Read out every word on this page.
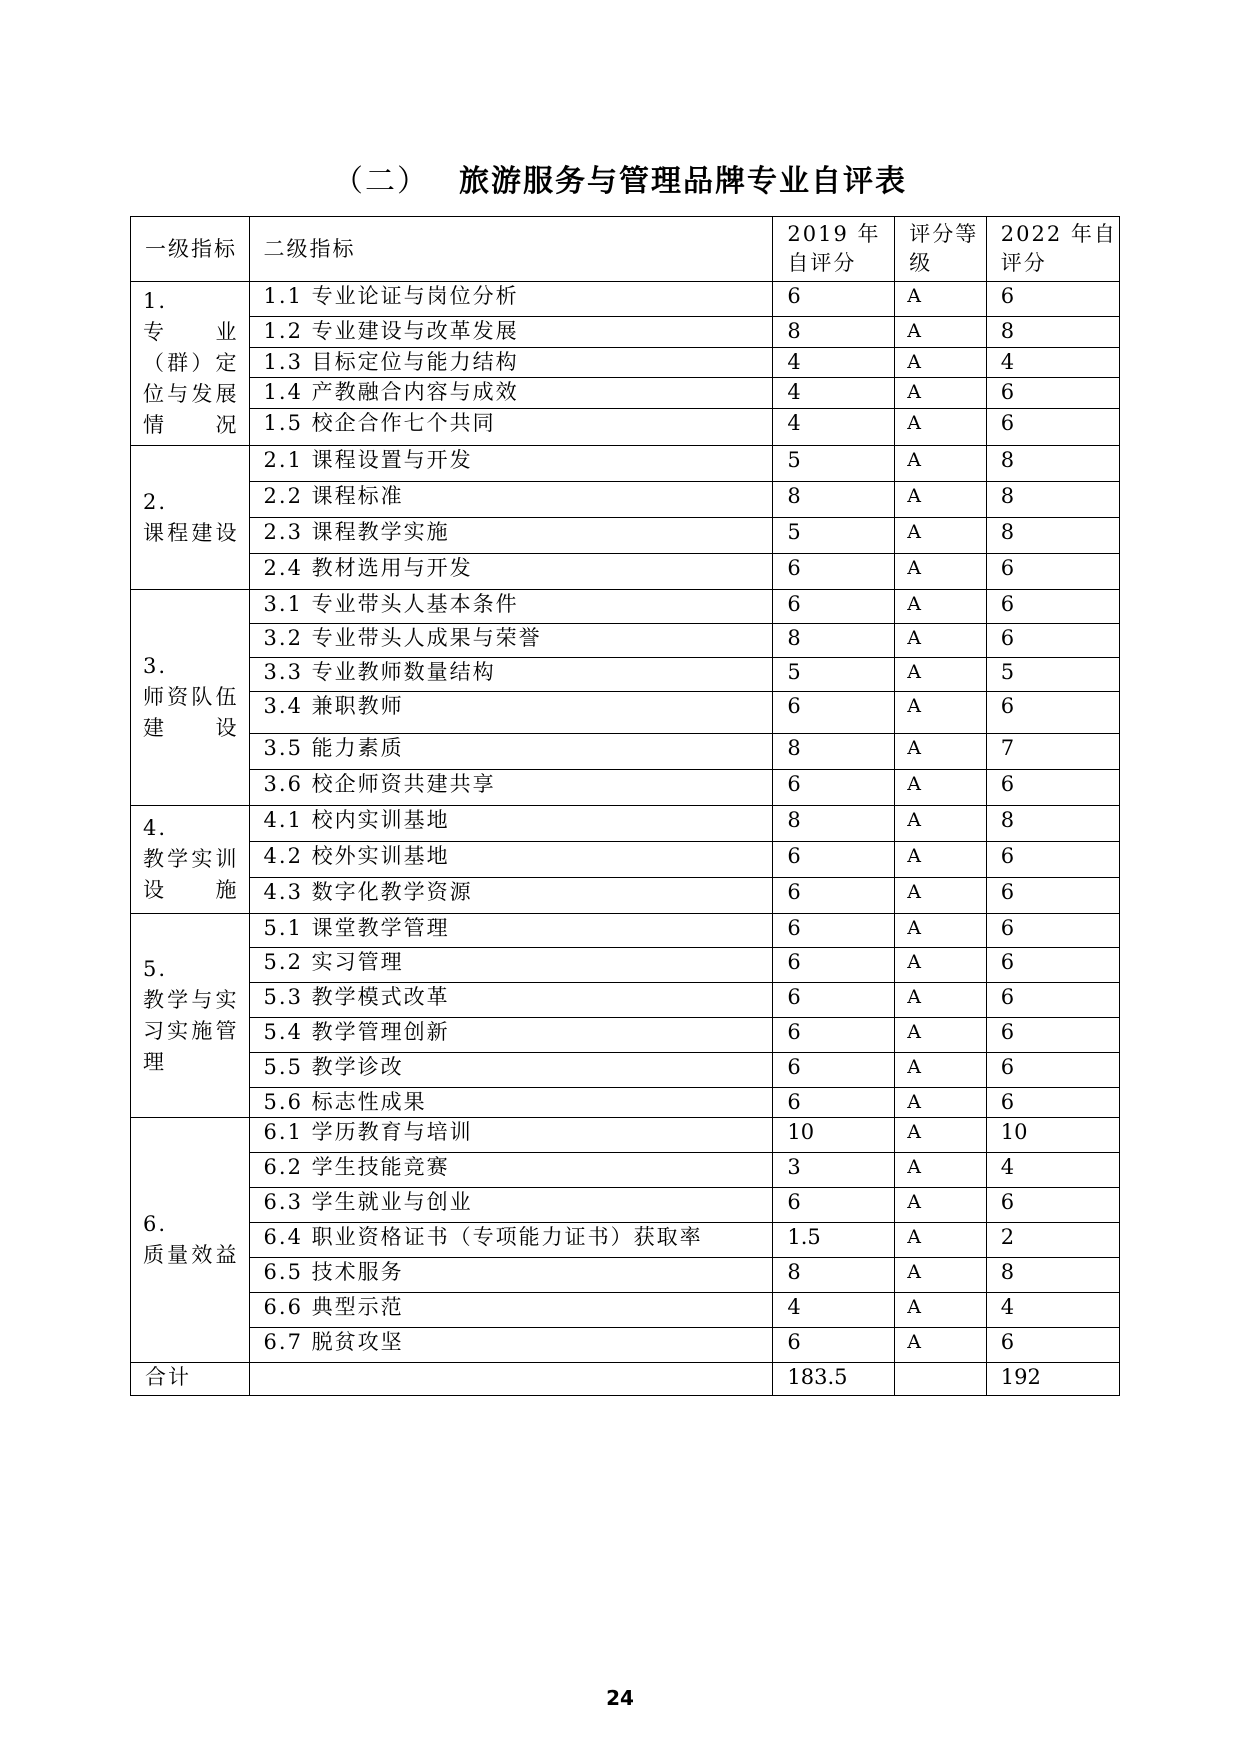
（二） 旅游服务与管理品牌专业自评表
一级指标	二级指标	2019 年自评分	评分等级	2022 年自评分

1.
专业（群）定位与发展情况	1.1 专业论证与岗位分析	6	A	6
	1.2 专业建设与改革发展	8	A	8
	1.3 目标定位与能力结构	4	A	4
	1.4 产教融合内容与成效	4	A	6
	1.5 校企合作七个共同	4	A	6

2.
课程建设	2.1 课程设置与开发	5	A	8
	2.2 课程标准	8	A	8
	2.3 课程教学实施	5	A	8
	2.4 教材选用与开发	6	A	6

3.
师资队伍建设	3.1 专业带头人基本条件	6	A	6
	3.2 专业带头人成果与荣誉	8	A	6
	3.3 专业教师数量结构	5	A	5
	3.4 兼职教师	6	A	6
	3.5 能力素质	8	A	7
	3.6 校企师资共建共享	6	A	6

4.
教学实训设施	4.1 校内实训基地	8	A	8
	4.2 校外实训基地	6	A	6
	4.3 数字化教学资源	6	A	6

5.
教学与实习实施管理	5.1 课堂教学管理	6	A	6
	5.2 实习管理	6	A	6
	5.3 教学模式改革	6	A	6
	5.4 教学管理创新	6	A	6
	5.5 教学诊改	6	A	6
	5.6 标志性成果	6	A	6

6.
质量效益	6.1 学历教育与培训	10	A	10
	6.2 学生技能竞赛	3	A	4
	6.3 学生就业与创业	6	A	6
	6.4 职业资格证书（专项能力证书）获取率	1.5	A	2
	6.5 技术服务	8	A	8
	6.6 典型示范	4	A	4
	6.7 脱贫攻坚	6	A	6
合计		183.5		192
24
